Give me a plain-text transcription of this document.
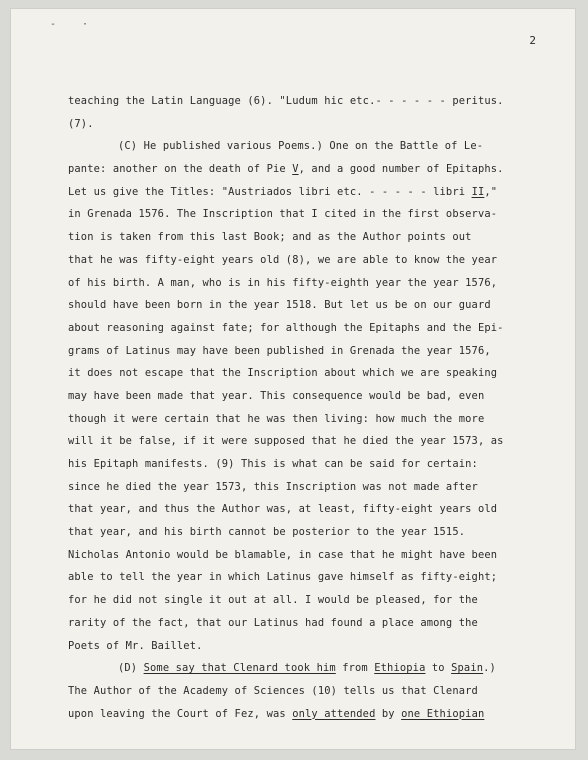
-	·
2
teaching the Latin Language (6). "Ludum hic etc.- - - - - - peritus.
(7).
(C) He published various Poems.) One on the Battle of Le-
pante: another on the death of Pie V, and a good number of Epitaphs.
Let us give the Titles: "Austriados libri etc. - - - - - libri II,"
in Grenada 1576. The Inscription that I cited in the first observa-
tion is taken from this last Book; and as the Author points out
that he was fifty-eight years old (8), we are able to know the year
of his birth. A man, who is in his fifty-eighth year the year 1576,
should have been born in the year 1518. But let us be on our guard
about reasoning against fate; for although the Epitaphs and the Epi-
grams of Latinus may have been published in Grenada the year 1576,
it does not escape that the Inscription about which we are speaking
may have been made that year. This consequence would be bad, even
though it were certain that he was then living: how much the more
will it be false, if it were supposed that he died the year 1573, as
his Epitaph manifests. (9) This is what can be said for certain:
since he died the year 1573, this Inscription was not made after
that year, and thus the Author was, at least, fifty-eight years old
that year, and his birth cannot be posterior to the year 1515.
Nicholas Antonio would be blamable, in case that he might have been
able to tell the year in which Latinus gave himself as fifty-eight;
for he did not single it out at all. I would be pleased, for the
rarity of the fact, that our Latinus had found a place among the
Poets of Mr. Baillet.
(D) Some say that Clenard took him from Ethiopia to Spain.)
The Author of the Academy of Sciences (10) tells us that Clenard
upon leaving the Court of Fez, was only attended by one Ethiopian
